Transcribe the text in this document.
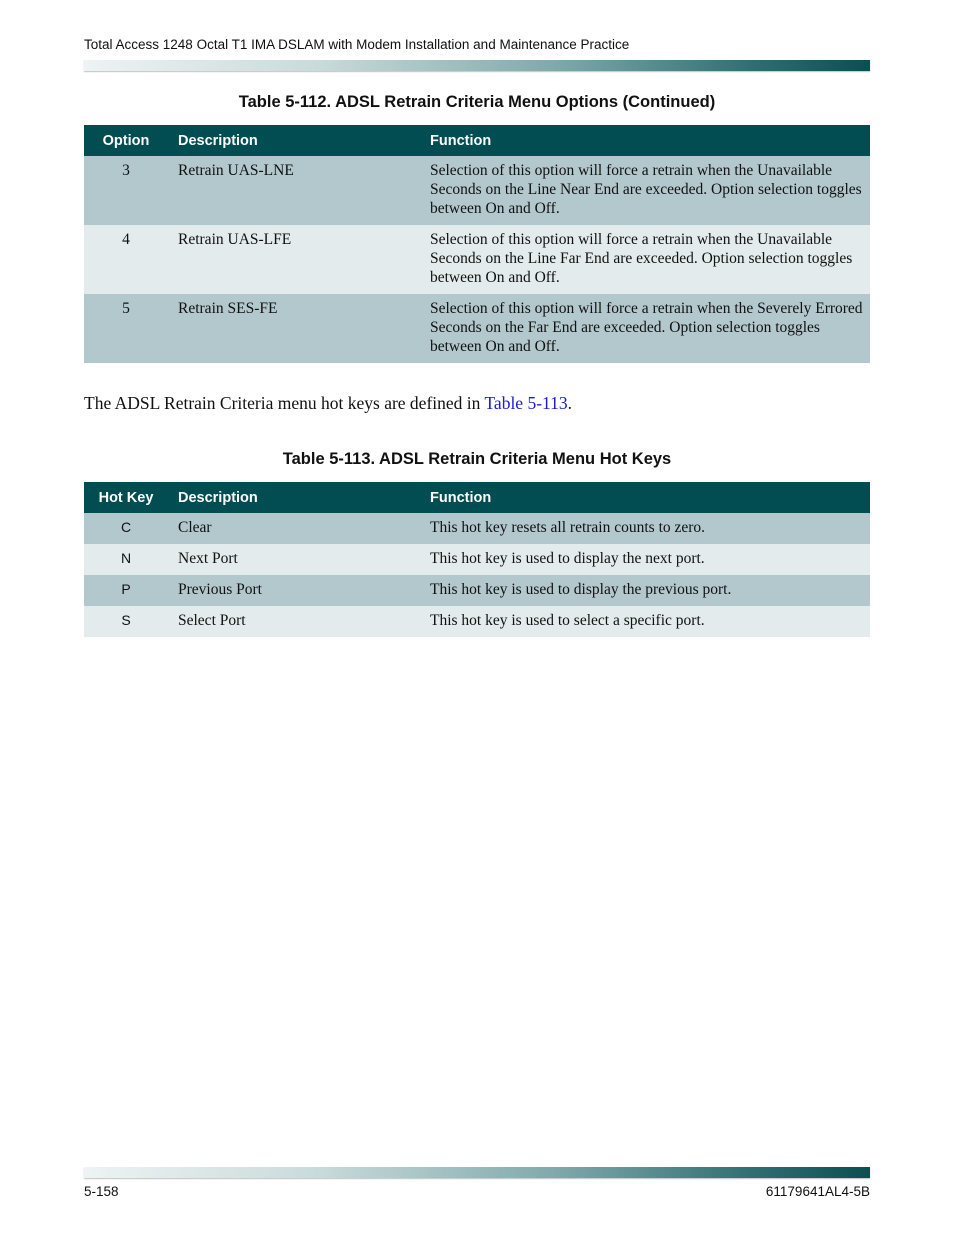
Total Access 1248 Octal T1 IMA DSLAM with Modem Installation and Maintenance Practice
Table 5-112. ADSL Retrain Criteria Menu Options (Continued)
Option	Description	Function
3	Retrain UAS-LNE	Selection of this option will force a retrain when the Unavailable Seconds on the Line Near End are exceeded. Option selection toggles between On and Off.
4	Retrain UAS-LFE	Selection of this option will force a retrain when the Unavailable Seconds on the Line Far End are exceeded. Option selection toggles between On and Off.
5	Retrain SES-FE	Selection of this option will force a retrain when the Severely Errored Seconds on the Far End are exceeded. Option selection toggles between On and Off.
The ADSL Retrain Criteria menu hot keys are defined in Table 5-113.
Table 5-113. ADSL Retrain Criteria Menu Hot Keys
Hot Key	Description	Function
C	Clear	This hot key resets all retrain counts to zero.
N	Next Port	This hot key is used to display the next port.
P	Previous Port	This hot key is used to display the previous port.
S	Select Port	This hot key is used to select a specific port.
5-158	61179641AL4-5B
